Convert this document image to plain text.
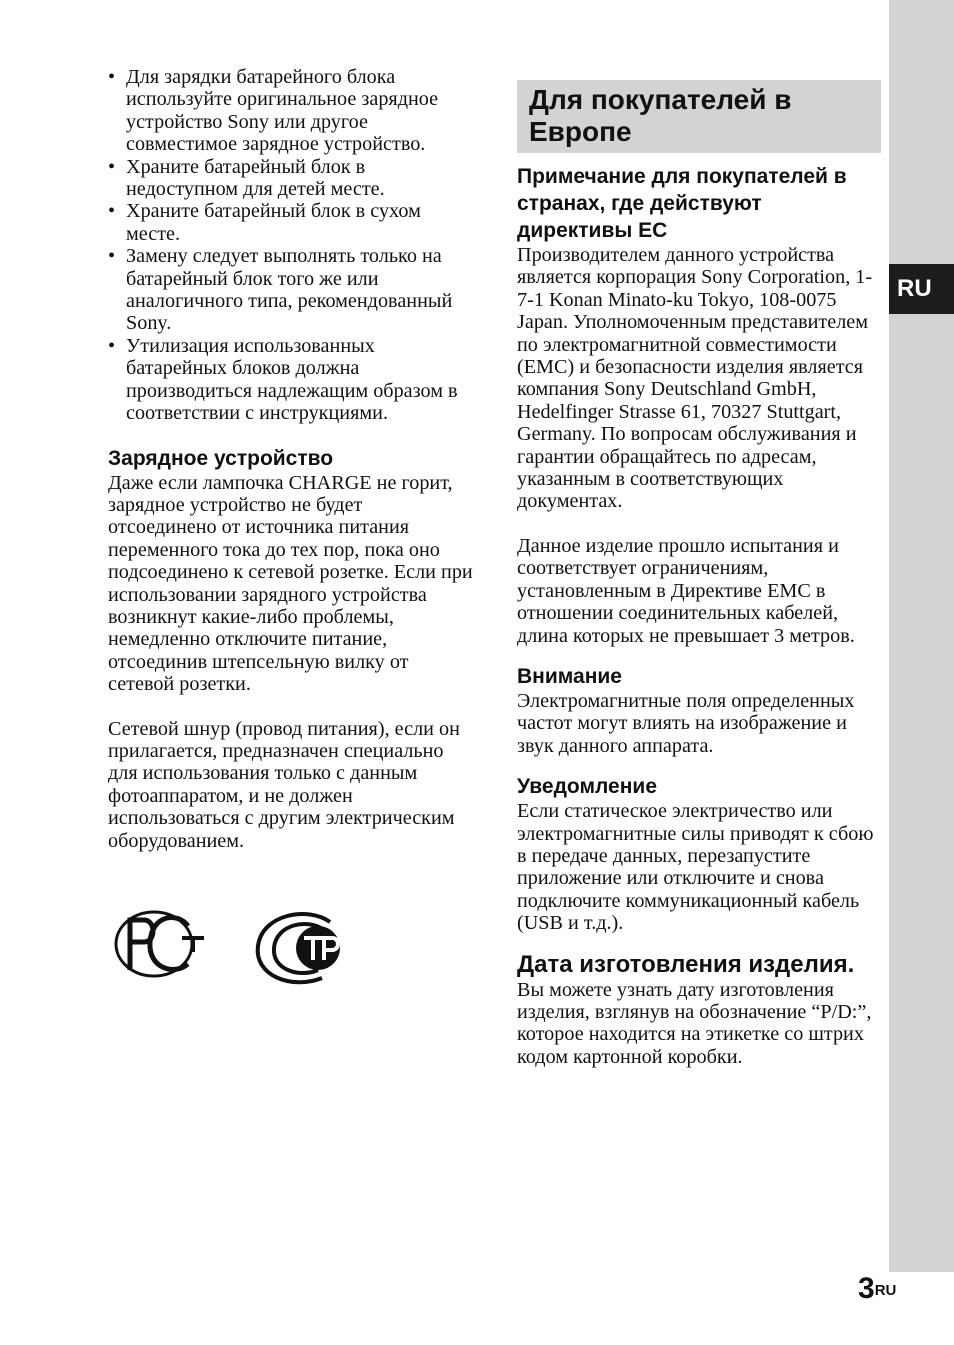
RU
• Для зарядки батарейного блока используйте оригинальное зарядное устройство Sony или другое совместимое зарядное устройство.
• Храните батарейный блок в недоступном для детей месте.
• Храните батарейный блок в сухом месте.
• Замену следует выполнять только на батарейный блок того же или аналогичного типа, рекомендованный Sony.
• Утилизация использованных батарейных блоков должна производиться надлежащим образом в соответствии с инструкциями.
Зарядное устройство

Даже если лампочка CHARGE не горит, зарядное устройство не будет отсоединено от источника питания переменного тока до тех пор, пока оно подсоединено к сетевой розетке. Если при использовании зарядного устройства возникнут какие-либо проблемы, немедленно отключите питание, отсоединив штепсельную вилку от сетевой розетки.

Сетевой шнур (провод питания), если он прилагается, предназначен специально для использования только с данным фотоаппаратом, и не должен использоваться с другим электрическим оборудованием.

Для покупателей в Европе
Примечание для покупателей в странах, где действуют директивы ЕС

Производителем данного устройства является корпорация Sony Corporation, 1-7-1 Konan Minato-ku Tokyo, 108-0075 Japan. Уполномоченным представителем по электромагнитной совместимости (EMC) и безопасности изделия является компания Sony Deutschland GmbH, Hedelfinger Strasse 61, 70327 Stuttgart, Germany. По вопросам обслуживания и гарантии обращайтесь по адресам, указанным в соответствующих документах.

Данное изделие прошло испытания и соответствует ограничениям, установленным в Директиве EMC в отношении соединительных кабелей, длина которых не превышает 3 метров.

Внимание

Электромагнитные поля определенных частот могут влиять на изображение и звук данного аппарата.

Уведомление

Если статическое электричество или электромагнитные силы приводят к сбою в передаче данных, перезапустите приложение или отключите и снова подключите коммуникационный кабель (USB и т.д.).

Дата изготовления изделия.

Вы можете узнать дату изготовления изделия, взглянув на обозначение “P/D:”, которое находится на этикетке со штрих кодом картонной коробки.

$3^{RU}$
